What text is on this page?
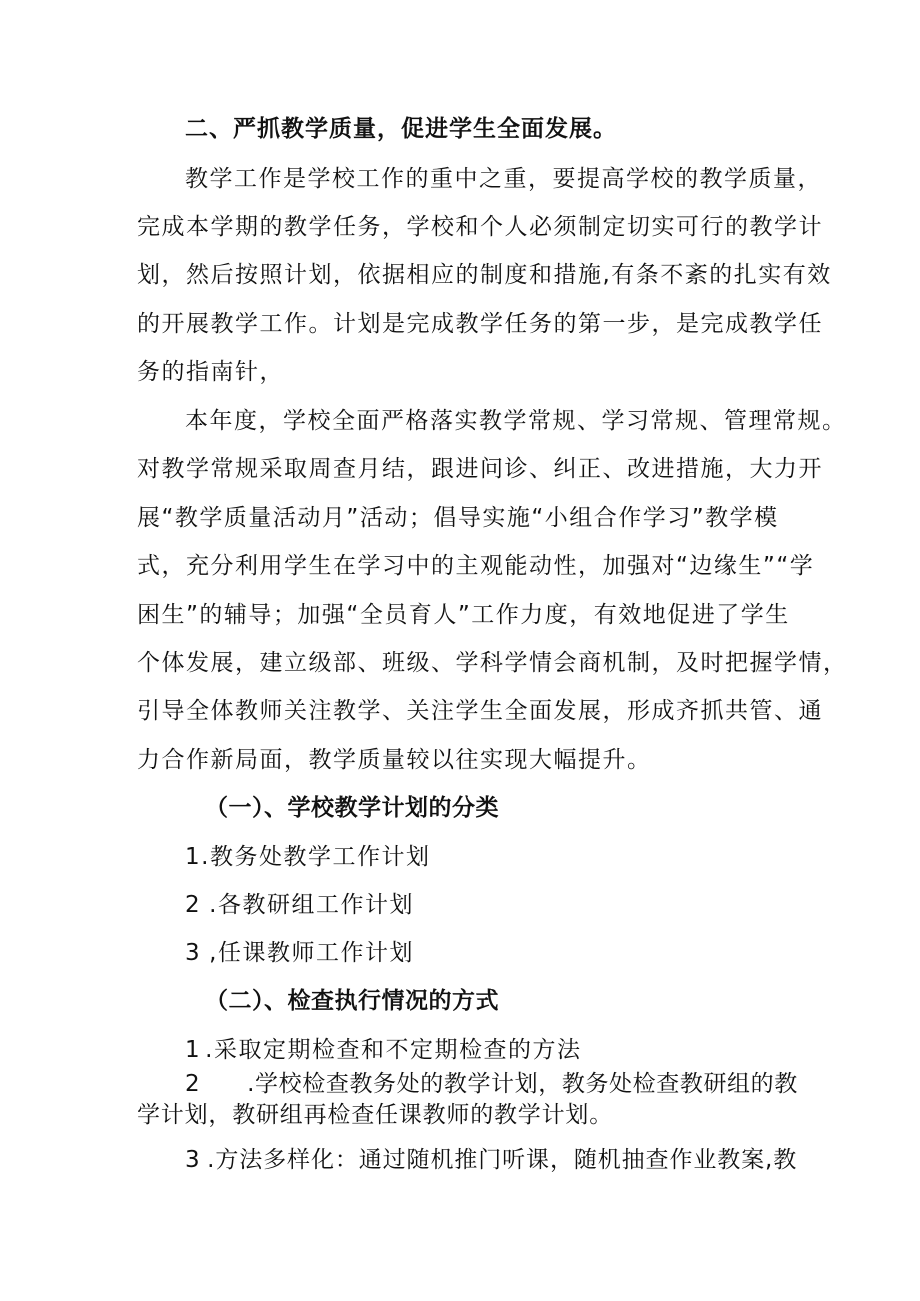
二、严抓教学质量，促进学生全面发展。
教学工作是学校工作的重中之重，要提高学校的教学质量，
完成本学期的教学任务，学校和个人必须制定切实可行的教学计
划，然后按照计划，依据相应的制度和措施,有条不紊的扎实有效
的开展教学工作。计划是完成教学任务的第一步，是完成教学任
务的指南针，
本年度，学校全面严格落实教学常规、学习常规、管理常规。
对教学常规采取周查月结，跟进问诊、纠正、改进措施，大力开
展“教学质量活动月”活动；倡导实施“小组合作学习”教学模
式，充分利用学生在学习中的主观能动性，加强对“边缘生”“学
困生”的辅导；加强“全员育人”工作力度，有效地促进了学生
个体发展，建立级部、班级、学科学情会商机制，及时把握学情，
引导全体教师关注教学、关注学生全面发展，形成齐抓共管、通
力合作新局面，教学质量较以往实现大幅提升。
（一）、学校教学计划的分类
1.教务处教学工作计划
2 .各教研组工作计划
3 ,任课教师工作计划
（二）、检查执行情况的方式
1 .采取定期检查和不定期检查的方法
2 .学校检查教务处的教学计划，教务处检查教研组的教
学计划，教研组再检查任课教师的教学计划。
3 .方法多样化：通过随机推门听课，随机抽查作业教案,教
